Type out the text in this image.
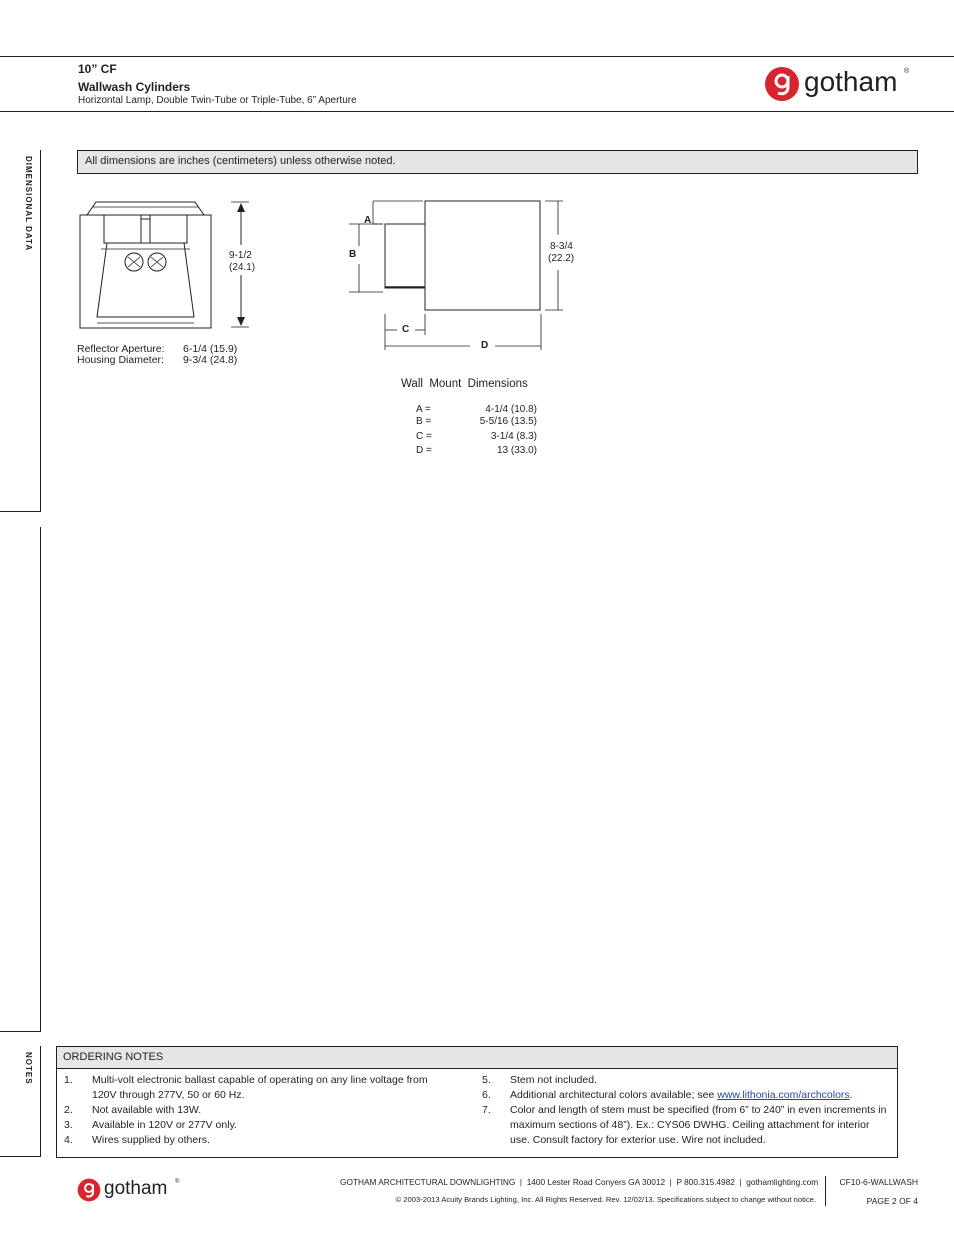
10” CF
Wallwash Cylinders
Horizontal Lamp, Double Twin-Tube or Triple-Tube, 6” Aperture
gotham ®
DIMENSIONAL DATA
NOTES
All dimensions are inches (centimeters) unless otherwise noted.
9-1/2
(24.1)
Reflector Aperture: 6-1/4 (15.9)
Housing Diameter: 9-3/4 (24.8)
A
B
C
D
8-3/4
(22.2)
Wall  Mount  Dimensions
A =	4-1/4 (10.8)
B =	5-5/16 (13.5)
C =	3-1/4 (8.3)
D =	13 (33.0)
ORDERING NOTES
1. Multi-volt electronic ballast capable of operating on any line voltage from 120V through 277V, 50 or 60 Hz.
2. Not available with 13W.
3. Available in 120V or 277V only.
4. Wires supplied by others.
5. Stem not included.
6. Additional architectural colors available; see www.lithonia.com/archcolors.
7. Color and length of stem must be specified (from 6” to 240” in even increments in maximum sections of 48”). Ex.: CYS06 DWHG. Ceiling attachment for interior use. Consult factory for exterior use. Wire not included.
gotham ®	GOTHAM ARCHITECTURAL DOWNLIGHTING  |  1400 Lester Road Conyers GA 30012  |  P 800.315.4982  |  gothamlighting.com
© 2003-2013 Acuity Brands Lighting, Inc. All Rights Reserved. Rev. 12/02/13. Specifications subject to change without notice.
CF10-6-WALLWASH
PAGE 2 OF 4
